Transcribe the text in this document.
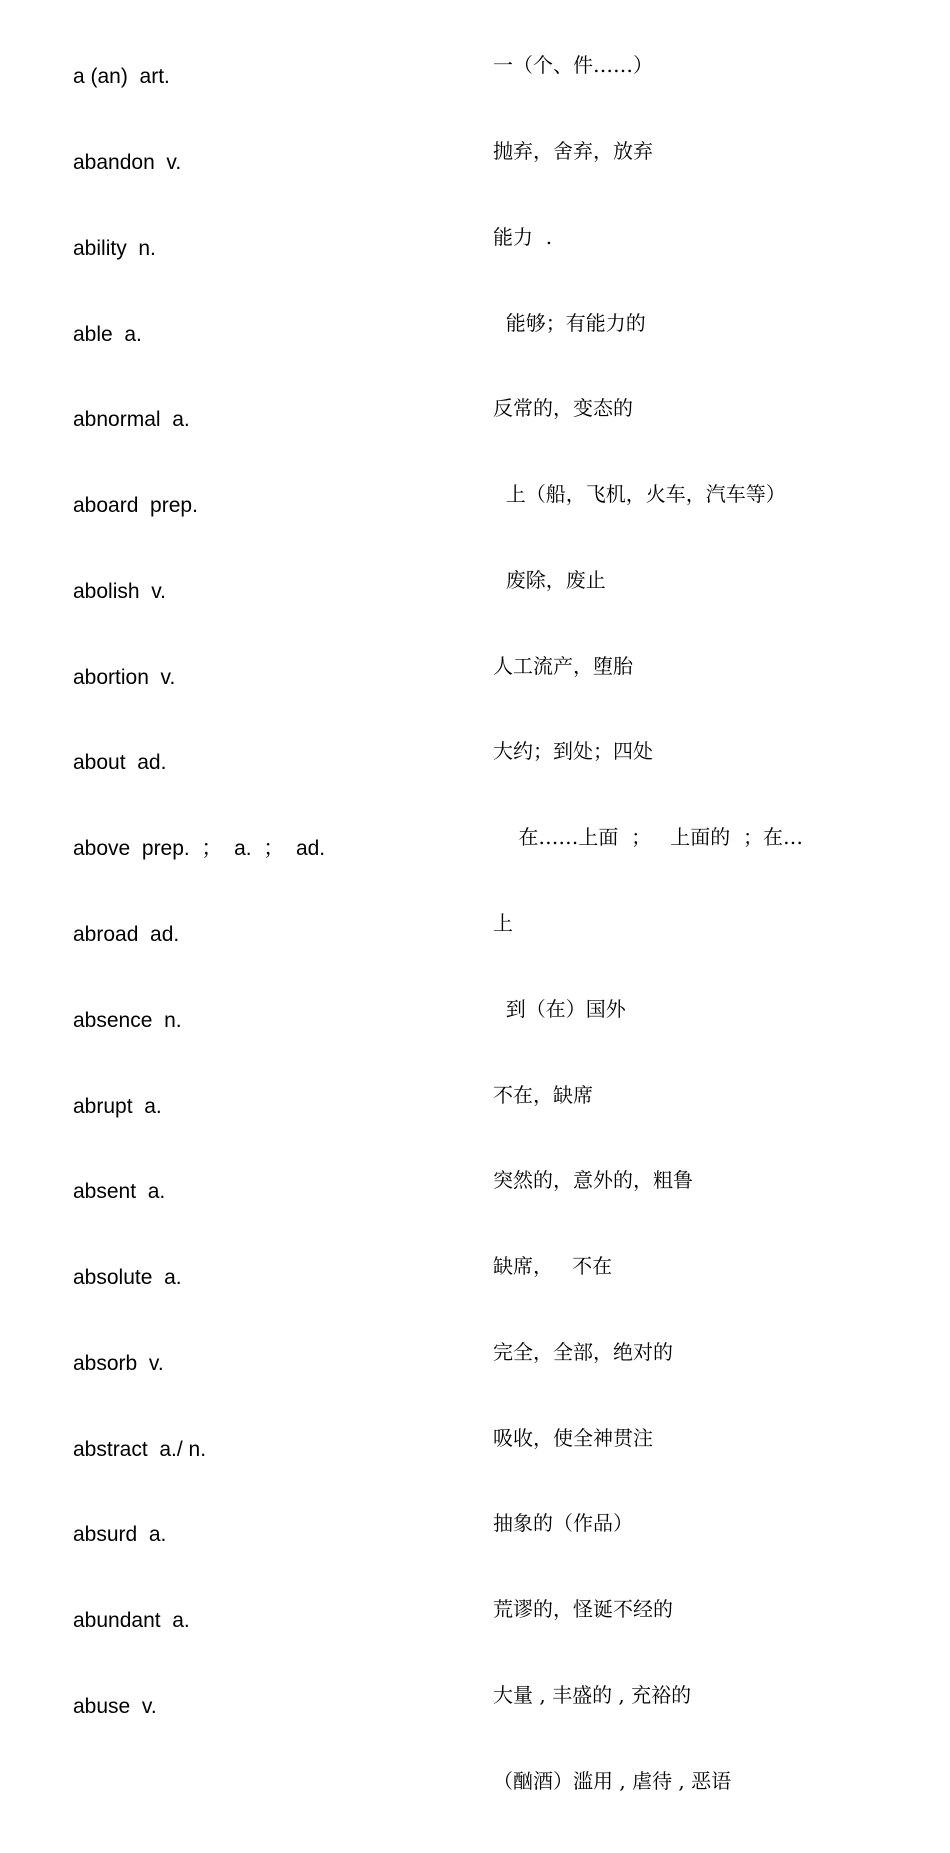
a (an)  art.

abandon  v.

ability  n.

able  a.

abnormal  a.

aboard  prep.

abolish  v.

abortion  v.

about  ad.

above  prep.  ；  a.  ；  ad.

abroad  ad.

absence  n.

abrupt  a.

absent  a.

absolute  a.

absorb  v.

abstract  a./ n.

absurd  a.

abundant  a.

abuse  v.

一（个、件……）

抛弃，舍弃，放弃

能力  .

能够；有能力的

反常的，变态的

上（船，飞机，火车，汽车等）

废除，废止

人工流产，堕胎

大约；到处；四处

在……上面  ；   上面的  ；在…

上

到（在）国外

不在，缺席

突然的，意外的，粗鲁

缺席，   不在

完全，全部，绝对的

吸收，使全神贯注

抽象的（作品）

荒谬的，怪诞不经的

大量 , 丰盛的 , 充裕的

（酗酒）滥用 , 虐待 , 恶语
